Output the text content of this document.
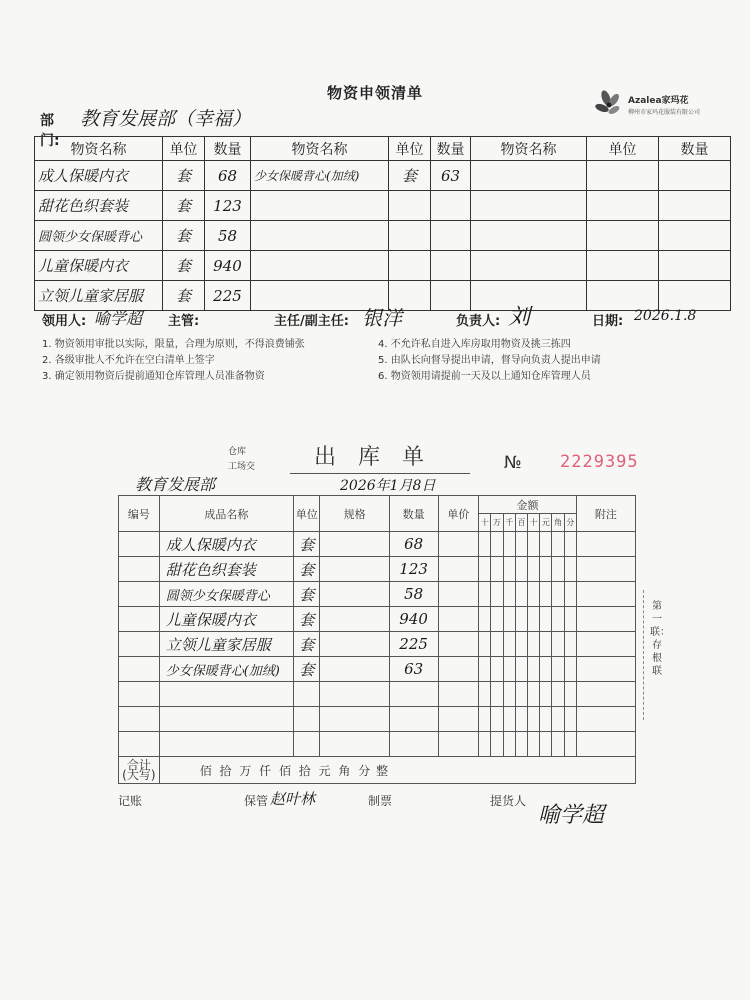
物资申领清单	Azalea家玛花
柳州市家玛花服装有限公司
部门:
教育发展部（幸福）
物资名称	单位	数量	物资名称	单位	数量	物资名称	单位	数量
成人保暖内衣	套	68	少女保暖背心(加绒)	套	63			
甜花色织套装	套	123						
圆领少女保暖背心	套	58						
儿童保暖内衣	套	940						
立领儿童家居服	套	225						
领用人: 喻学超 主管:	主任/副主任: 银洋	负责人: 刘	日期: 2026.1.8
1. 物资领用审批以实际，限量，合理为原则，不得浪费铺张
2. 各级审批人不允许在空白清单上签字
3. 确定领用物资后提前通知仓库管理人员准备物资
4. 不允许私自进入库房取用物资及挑三拣四
5. 由队长向督导提出申请，督导向负责人提出申请
6. 物资领用请提前一天及以上通知仓库管理人员
仓库
工场交	出库单	№ 2229395
教育发展部	2026年1月8日
编号	成品名称	单位	规格	数量	单价	金额								附注
						十	万	千	百	十	元	角	分	
	成人保暖内衣	套		68										
	甜花色织套装	套		123										
	圆领少女保暖背心	套		58										
	儿童保暖内衣	套		940										
	立领儿童家居服	套		225										
	少女保暖背心(加绒)	套		63										

合计
(大写)	佰 拾 万 仟 佰 拾 元 角 分 整													
第一联：存根联
记账	保管 赵叶林	制票	提货人
喻学超
